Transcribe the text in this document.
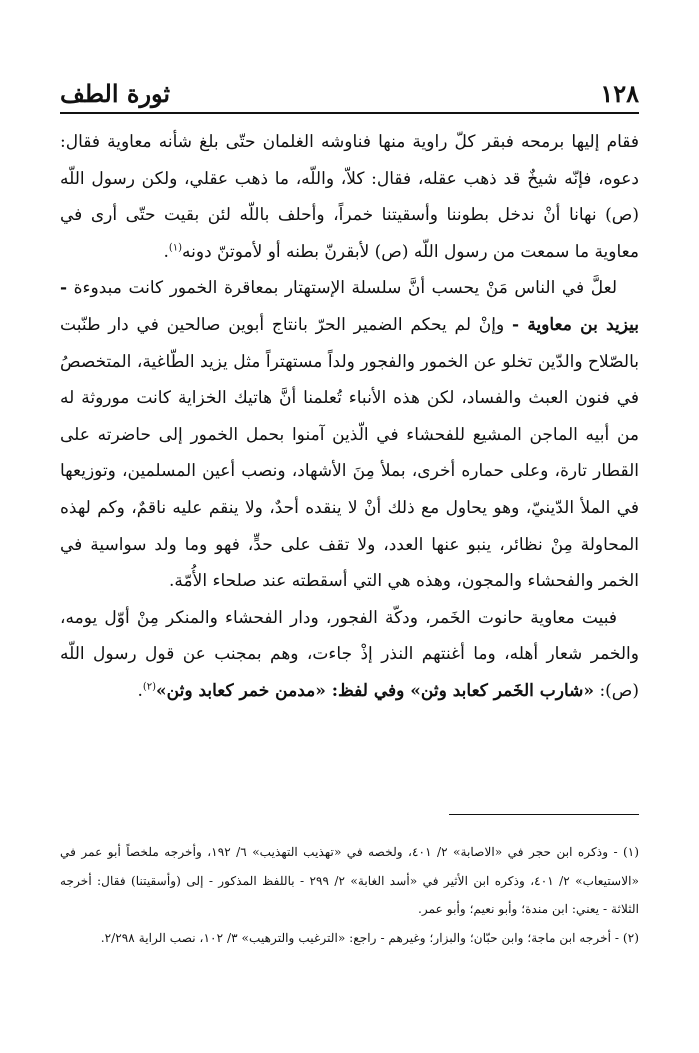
١٢٨
ثورة الطف

فقام إليها برمحه فبقر كلّ راوية منها فناوشه الغلمان حتّى بلغ شأنه معاوية فقال: دعوه، فإنّه شيخٌ قد ذهب عقله، فقال: كلاّ، واللّه، ما ذهب عقلي، ولكن رسول اللّه (ص) نهانا أنْ ندخل بطوننا وأسقيتنا خمراً، وأحلف باللّه لئن بقيت حتّى أرى في معاوية ما سمعت من رسول اللّه (ص) لأبقرنّ بطنه أو لأموتنّ دونه$^{(١)}$.

لعلَّ في الناس مَنْ يحسب أنَّ سلسلة الإستهتار بمعاقرة الخمور كانت مبدوءة - بيزيد بن معاوية - وإنْ لم يحكم الضمير الحرّ بانتاج أبوين صالحين في دار طنّبت بالصّلاح والدّين تخلو عن الخمور والفجور ولداً مستهتراً مثل يزيد الطّاغية، المتخصصُ في فنون العبث والفساد، لكن هذه الأنباء تُعلمنا أنَّ هاتيك الخزاية كانت موروثة له من أبيه الماجن المشيع للفحشاء في الّذين آمنوا بحمل الخمور إلى حاضرته على القطار تارة، وعلى حماره أخرى، بملأ مِنَ الأشهاد، ونصب أعين المسلمين، وتوزيعها في الملأ الدّينيّ، وهو يحاول مع ذلك أنْ لا ينقده أحدٌ، ولا ينقم عليه ناقمٌ، وكم لهذه المحاولة مِنْ نظائر، ينبو عنها العدد، ولا تقف على حدٍّ، فهو وما ولد سواسية في الخمر والفحشاء والمجون، وهذه هي التي أسقطته عند صلحاء الأُمّة.

فبيت معاوية حانوت الخَمر، ودكّة الفجور، ودار الفحشاء والمنكر مِنْ أوّل يومه، والخمر شعار أهله، وما أغنتهم النذر إذْ جاءت، وهم بمجنب عن قول رسول اللّه (ص): «شارب الخَمر كعابد وثن» وفي لفظ: «مدمن خمر كعابد وثن»$^{(٢)}$.

(١) - وذكره ابن حجر في «الاصابة» ٢/ ٤٠١، ولخصه في «تهذيب التهذيب» ٦/ ١٩٢، وأخرجه ملخصاً أبو عمر في «الاستيعاب» ٢/ ٤٠١، وذكره ابن الأثير في «أسد الغابة» ٢/ ٢٩٩ - باللفظ المذكور - إلى (وأسقيتنا) فقال: أخرجه الثلاثة - يعني: ابن مندة؛ وأبو نعيم؛ وأبو عمر.

(٢) - أخرجه ابن ماجة؛ وابن حبّان؛ والبزار؛ وغيرهم - راجع: «الترغيب والترهيب» ٣/ ١٠٢، نصب الراية ٢/٢٩٨.
